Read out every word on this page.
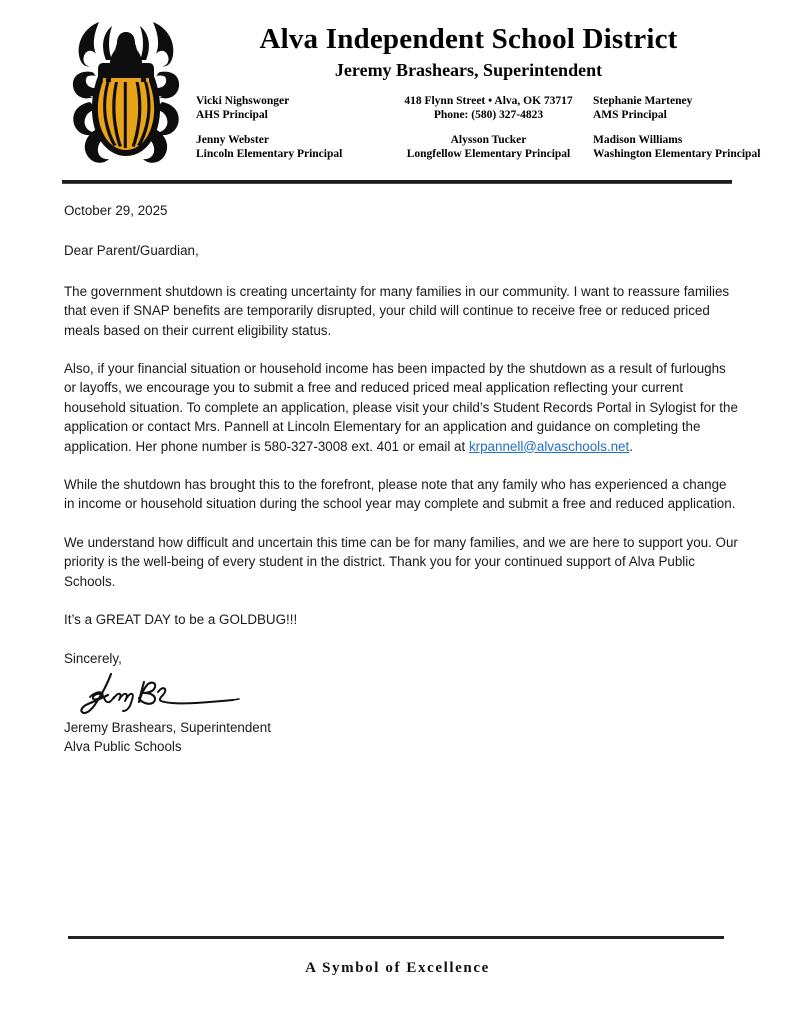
Alva Independent School District
Jeremy Brashears, Superintendent
Vicki Nighswonger
AHS Principal
418 Flynn Street • Alva, OK 73717
Phone: (580) 327-4823
Stephanie Marteney
AMS Principal
Jenny Webster
Lincoln Elementary Principal
Alysson Tucker
Longfellow Elementary Principal
Madison Williams
Washington Elementary Principal

October 29, 2025

Dear Parent/Guardian,

The government shutdown is creating uncertainty for many families in our community. I want to reassure families that even if SNAP benefits are temporarily disrupted, your child will continue to receive free or reduced priced meals based on their current eligibility status.

Also, if your financial situation or household income has been impacted by the shutdown as a result of furloughs or layoffs, we encourage you to submit a free and reduced priced meal application reflecting your current household situation. To complete an application, please visit your child’s Student Records Portal in Sylogist for the application or contact Mrs. Pannell at Lincoln Elementary for an application and guidance on completing the application. Her phone number is 580-327-3008 ext. 401 or email at krpannell@alvaschools.net.

While the shutdown has brought this to the forefront, please note that any family who has experienced a change in income or household situation during the school year may complete and submit a free and reduced application.

We understand how difficult and uncertain this time can be for many families, and we are here to support you. Our priority is the well-being of every student in the district. Thank you for your continued support of Alva Public Schools.

It’s a GREAT DAY to be a GOLDBUG!!!

Sincerely,

Jeremy Brashears, Superintendent

Alva Public Schools

A Symbol of Excellence
